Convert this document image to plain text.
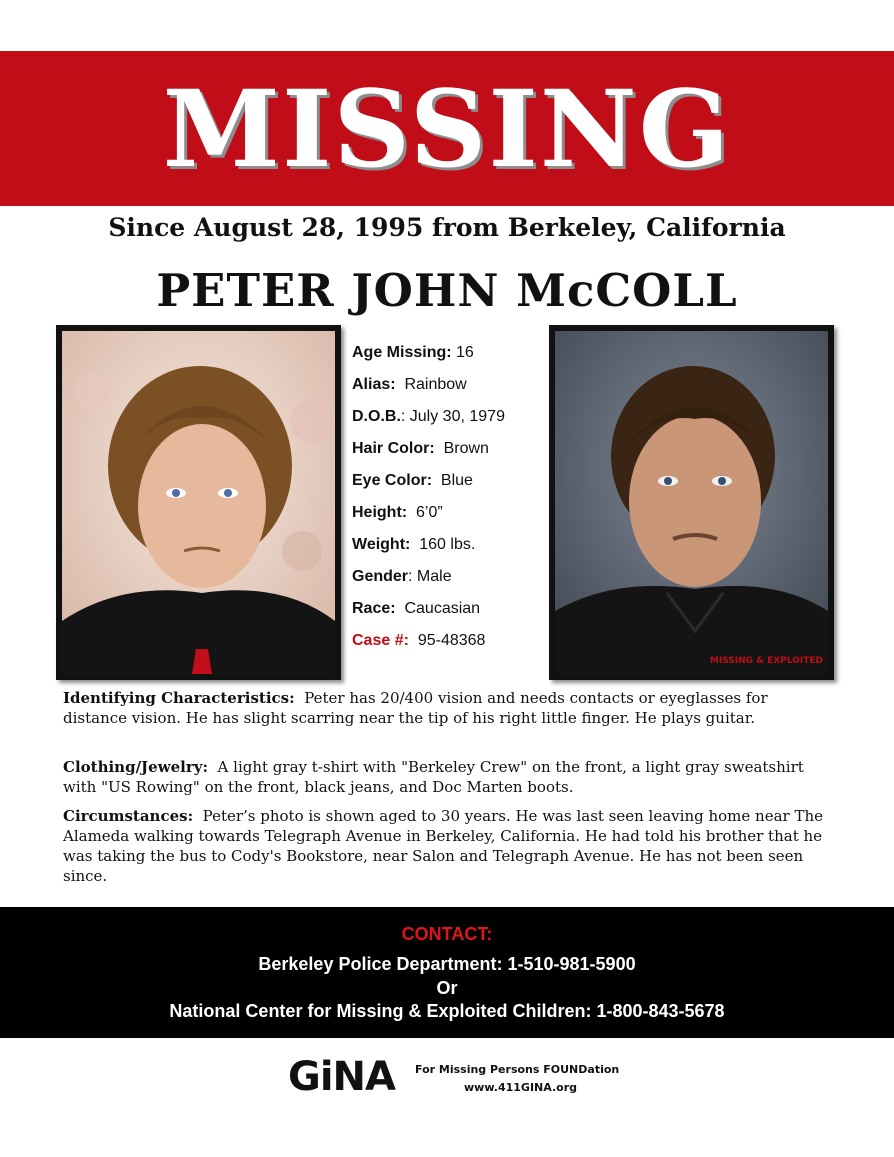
MISSING
Since August 28, 1995 from Berkeley, California
PETER JOHN McCOLL
Age Missing: 16
Alias: Rainbow
D.O.B.: July 30, 1979
Hair Color: Brown
Eye Color: Blue
Height: 6’0”
Weight: 160 lbs.
Gender: Male
Race: Caucasian
Case #: 95-48368
MISSING & EXPLOITED

Identifying Characteristics: Peter has 20/400 vision and needs contacts or eyeglasses for distance vision. He has slight scarring near the tip of his right little finger. He plays guitar.

Clothing/Jewelry: A light gray t-shirt with "Berkeley Crew" on the front, a light gray sweatshirt with "US Rowing" on the front, black jeans, and Doc Marten boots.

Circumstances: Peter’s photo is shown aged to 30 years. He was last seen leaving home near The Alameda walking towards Telegraph Avenue in Berkeley, California. He had told his brother that he was taking the bus to Cody's Bookstore, near Salon and Telegraph Avenue. He has not been seen since.

CONTACT:
Berkeley Police Department: 1-510-981-5900
Or
National Center for Missing & Exploited Children: 1-800-843-5678
GiNA For Missing Persons FOUNDation
www.411GINA.org
